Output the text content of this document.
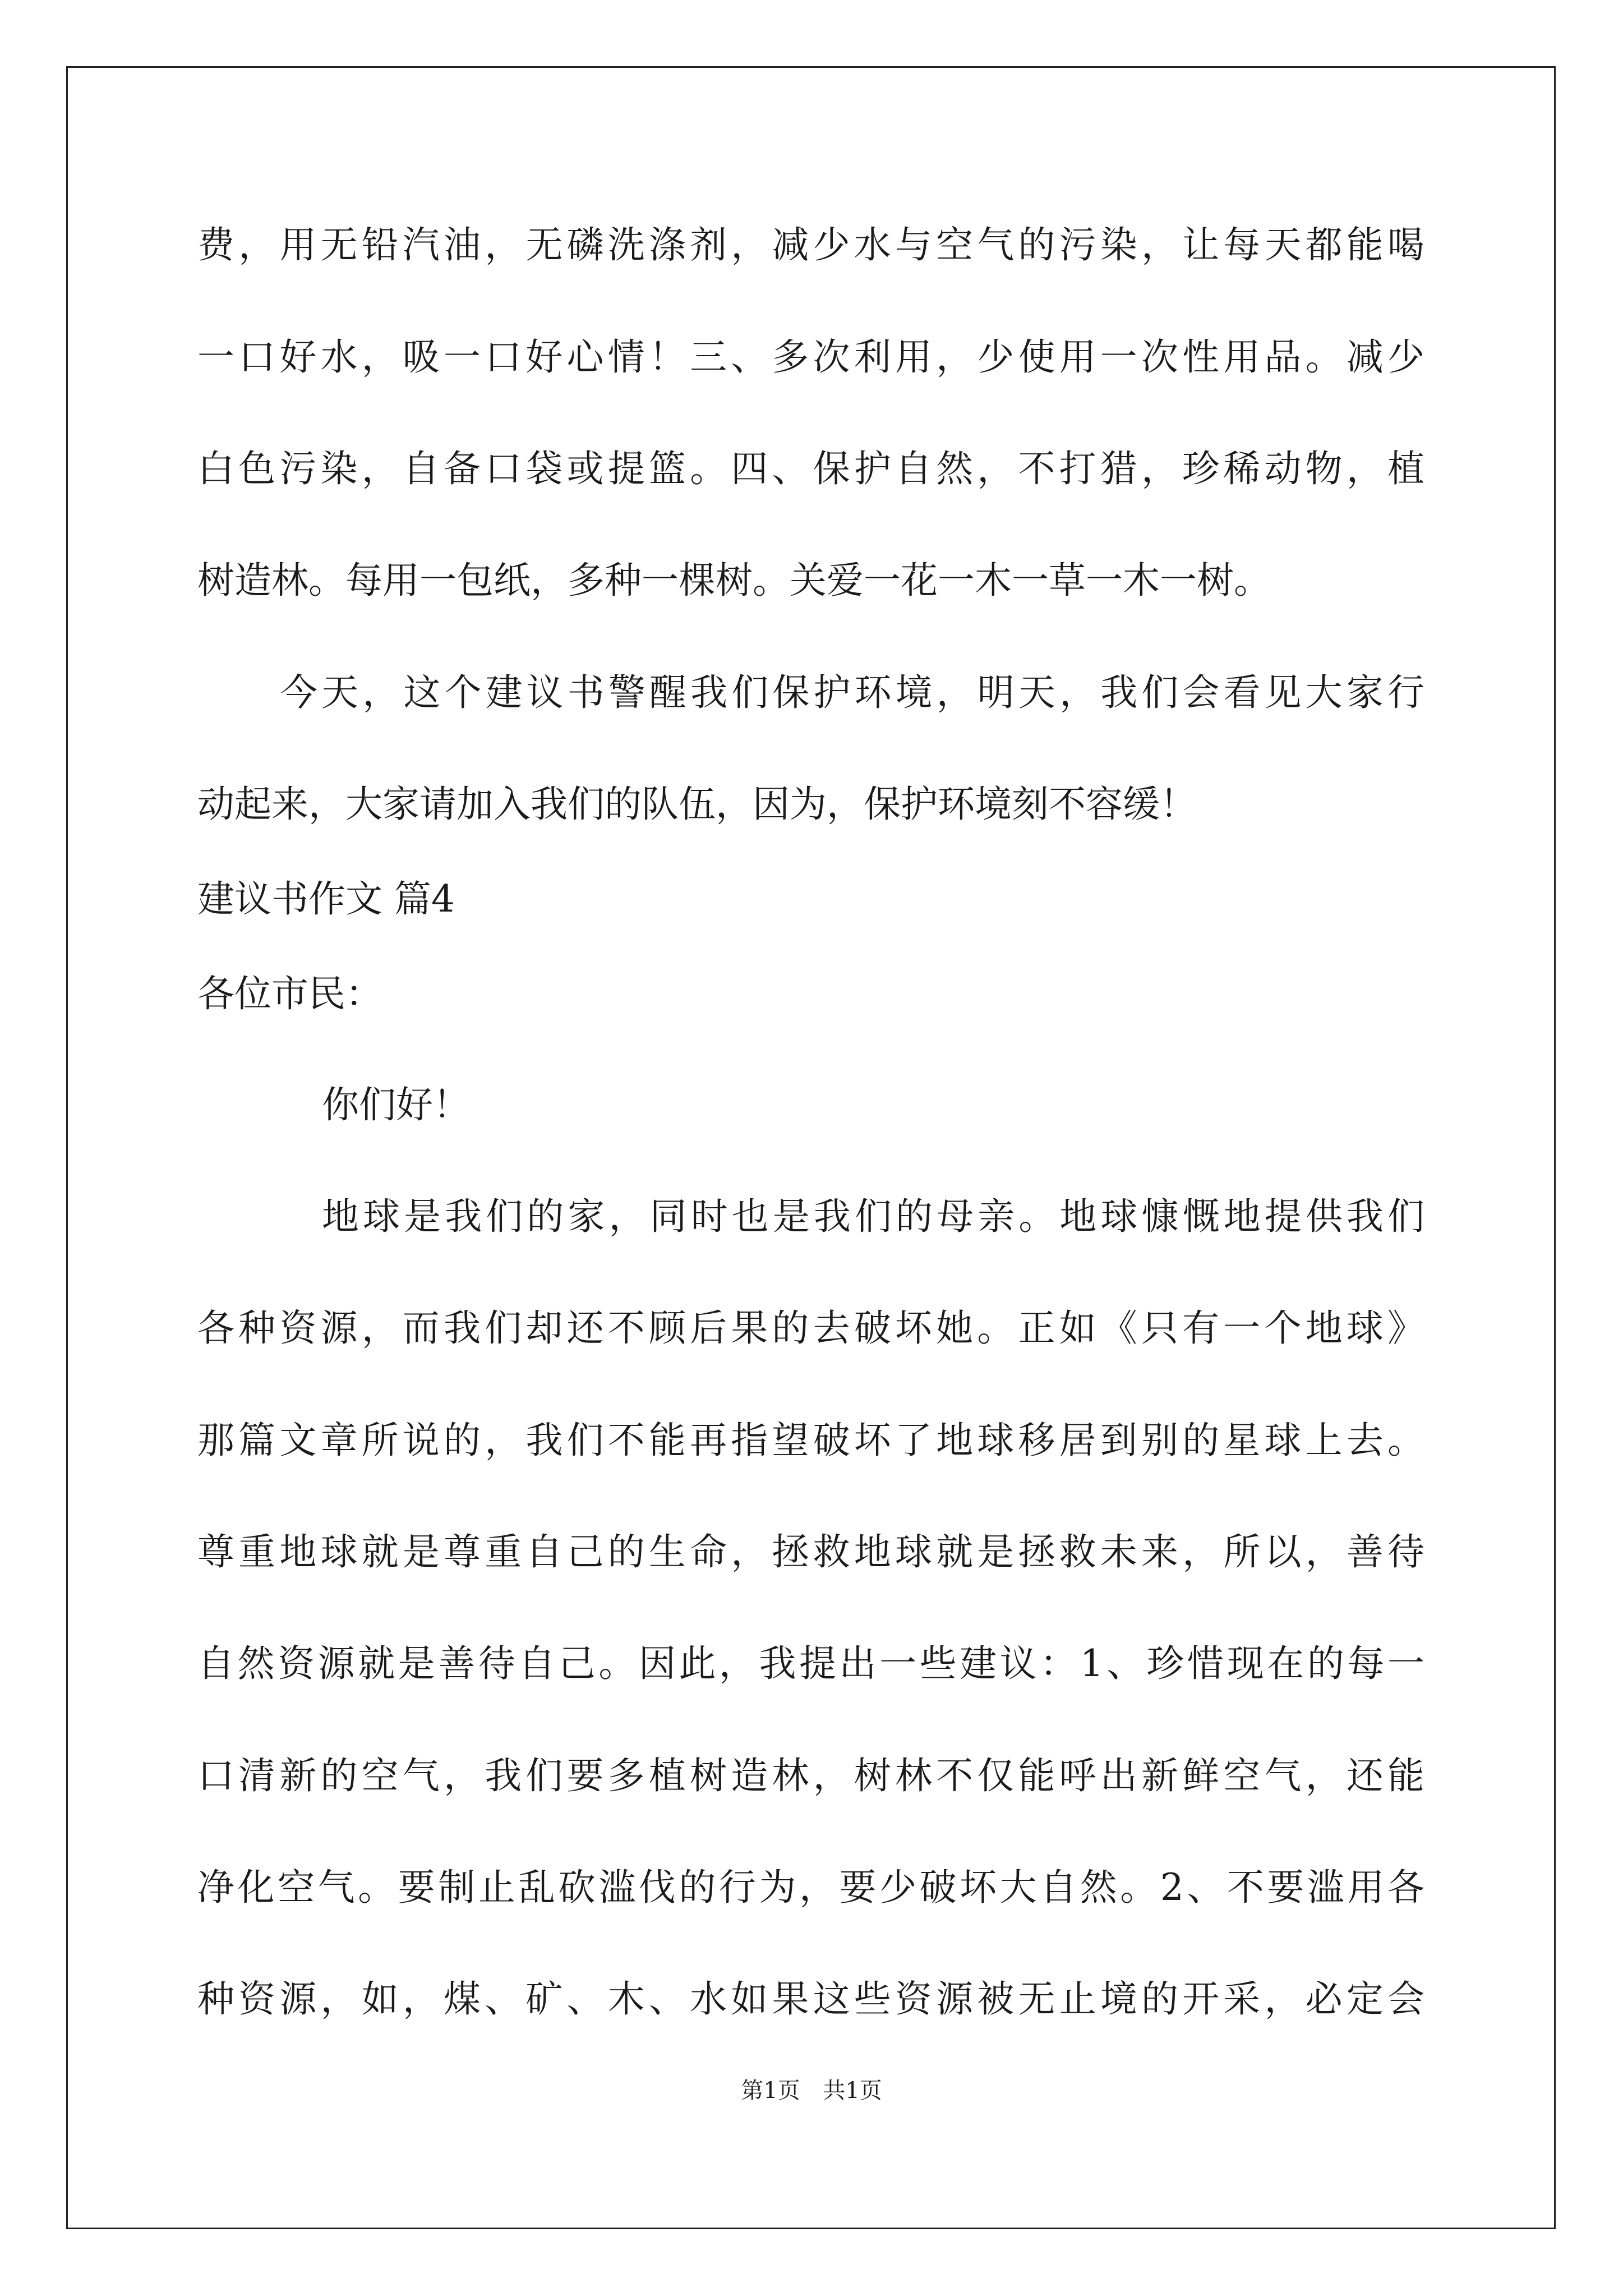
费，用无铅汽油，无磷洗涤剂，减少水与空气的污染，让每天都能喝
一口好水，吸一口好心情！三、多次利用，少使用一次性用品。减少
白色污染，自备口袋或提篮。四、保护自然，不打猎，珍稀动物，植
树造林。每用一包纸，多种一棵树。关爱一花一木一草一木一树。
今天，这个建议书警醒我们保护环境，明天，我们会看见大家行
动起来，大家请加入我们的队伍，因为，保护环境刻不容缓！
建议书作文 篇4
各位市民：
你们好！
地球是我们的家，同时也是我们的母亲。地球慷慨地提供我们
各种资源，而我们却还不顾后果的去破坏她。正如《只有一个地球》
那篇文章所说的，我们不能再指望破坏了地球移居到别的星球上去。
尊重地球就是尊重自己的生命，拯救地球就是拯救未来，所以，善待
自然资源就是善待自己。因此，我提出一些建议：1、珍惜现在的每一
口清新的空气，我们要多植树造林，树林不仅能呼出新鲜空气，还能
净化空气。要制止乱砍滥伐的行为，要少破坏大自然。2、不要滥用各
种资源，如，煤、矿、木、水如果这些资源被无止境的开采，必定会
第1页 共1页
